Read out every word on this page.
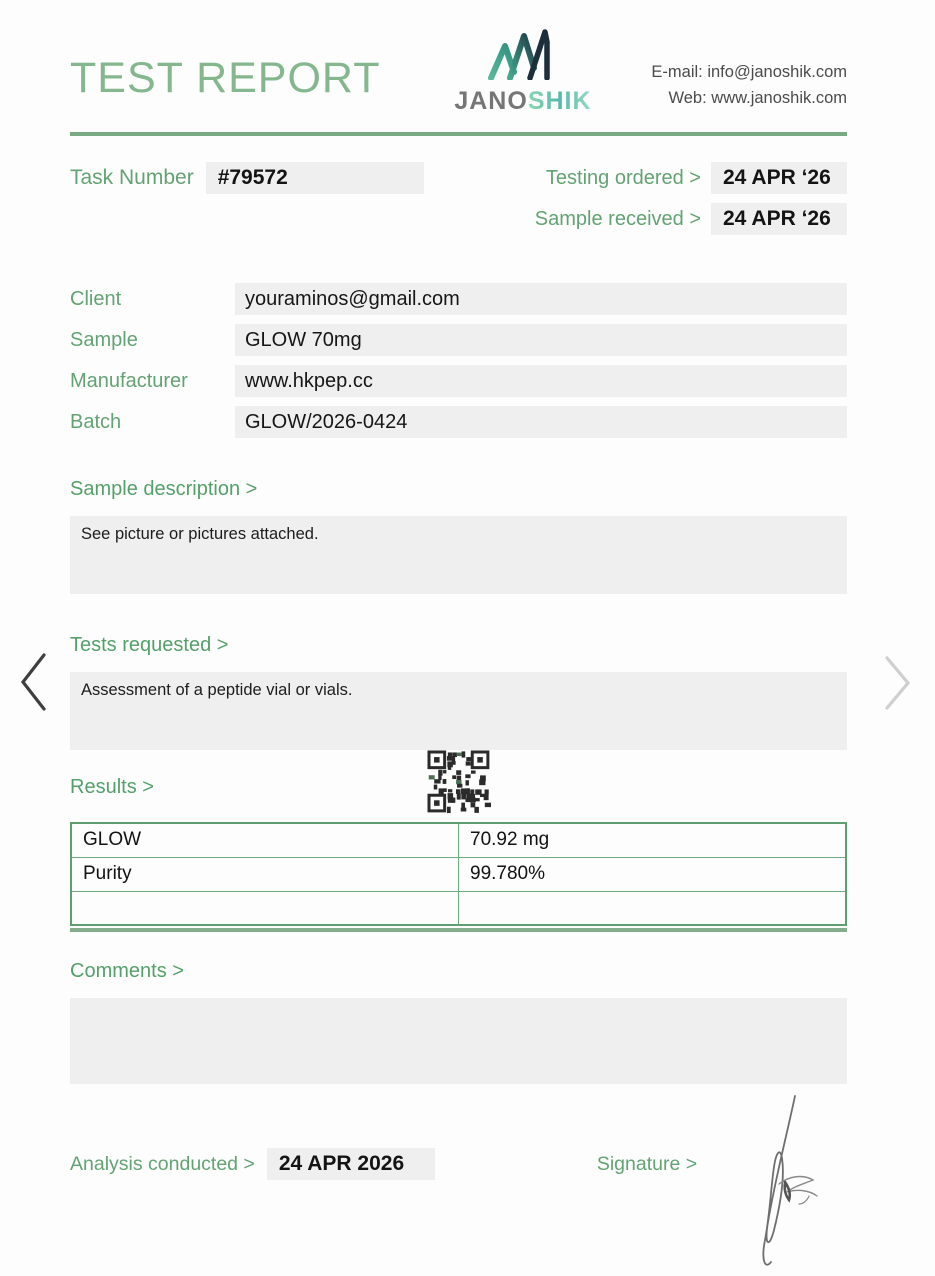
TEST REPORT	JANOSHIK
E-mail: info@janoshik.com
Web: www.janoshik.com
Task Number	#79572	Testing ordered >	24 APR ‘26
Sample received >	24 APR ‘26
Client	youraminos@gmail.com
Sample	GLOW 70mg
Manufacturer	www.hkpep.cc
Batch	GLOW/2026-0424
Sample description >
See picture or pictures attached.
Tests requested >
Assessment of a peptide vial or vials.
Results >
GLOW	70.92 mg
Purity	99.780%

Comments >
Analysis conducted >	24 APR 2026	Signature >
